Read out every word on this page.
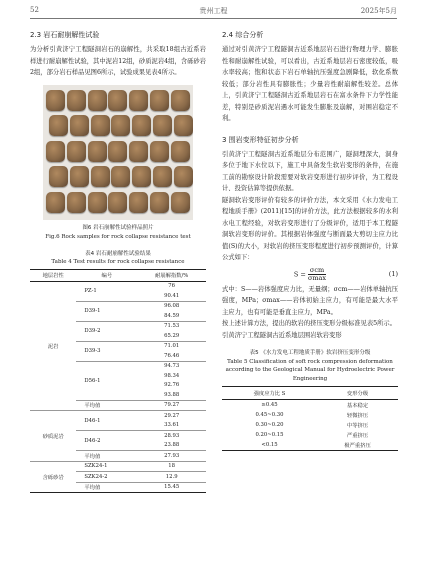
52	贵州工程	2025年5月
2.3 岩石耐崩解性试验

为分析引黄济宁工程隧洞岩石的崩解性，共采取18组古近系岩样进行耐崩解性试验，其中泥岩12组，砂质泥岩4组，含砾砂岩2组，部分岩石样品见图6所示，试验成果见表4所示。

图6 岩石崩解性试验样品照片
Fig.6 Rock samples for rock collapse resistance test
表4 岩石耐崩解性试验结果
Table 4 Test results for rock collapse resistance
地层岩性	编号	耐崩解指数/%
泥岩	PZ-1	76
		90.41
	D39-1	96.08
		84.59
	D39-2	71.53
		65.29
	D39-3	71.01
		76.46
	D56-1	94.73
		98.34
		92.76
		93.88
	平均值	79.27
砂质泥岩	D46-1	29.27
		33.61
	D46-2	28.93
		23.88
	平均值	27.93
含砾砂岩	SZK24-1	18
	SZK24-2	12.9
	平均值	15.45
2.4 综合分析

通过对引黄济宁工程隧洞古近系地层岩石进行物理力学、膨胀性和耐崩解性试验，可以看出，古近系地层岩石密度较低，吸水率较高；饱和状态下岩石单轴抗压强度急剧降低，软化系数较低；部分岩性具有膨胀性；少量岩性耐崩解性较差。总体上，引黄济宁工程隧洞古近系地层岩石在富水条件下力学性能差，特别是砂质泥岩遇水可能发生膨胀及崩解，对围岩稳定不利。

3 围岩变形特征初步分析

引黄济宁工程隧洞古近系地层分布范围广，隧洞埋深大，洞身多位于地下水位以下，施工中具备发生软岩变形的条件，在施工前的勘察设计阶段需要对软岩变形进行初步评价，为工程设计、投资估算等提供依据。

隧洞软岩变形评价有较多的评价方法，本文采用《水力发电工程地质手册》(2011)[15]的评价方法，此方法根据较多的水利水电工程经验，对软岩变形进行了分级评价，适用于本工程隧洞软岩变形的评价。其根据岩体强度与断面最大剪切主应力比值(S)的大小，对软岩的挤压变形程度进行初步预测评价，计算公式如下：

S =
σcm
σmax	(1)

式中：S——岩体强度应力比，无量纲；σcm——岩体单轴抗压强度，MPa；σmax——岩体初始主应力，有可能是最大水平主应力，也有可能是垂直主应力，MPa。

按上述计算方法，提出的软岩的挤压变形分级标准见表5所示。

引黄济宁工程隧洞古近系地层围岩软岩变形

表5 《水力发电工程地质手册》软岩挤压变形分级
Table 5 Classification of soft rock compression deformation according to the Geological Manual for Hydroelectric Power Engineering
强度应力比 S	变形分级
≥0.45	基本稳定
0.45~0.30	轻微挤压
0.30~0.20	中等挤压
0.20~0.15	严重挤压
<0.15	极严重挤压
